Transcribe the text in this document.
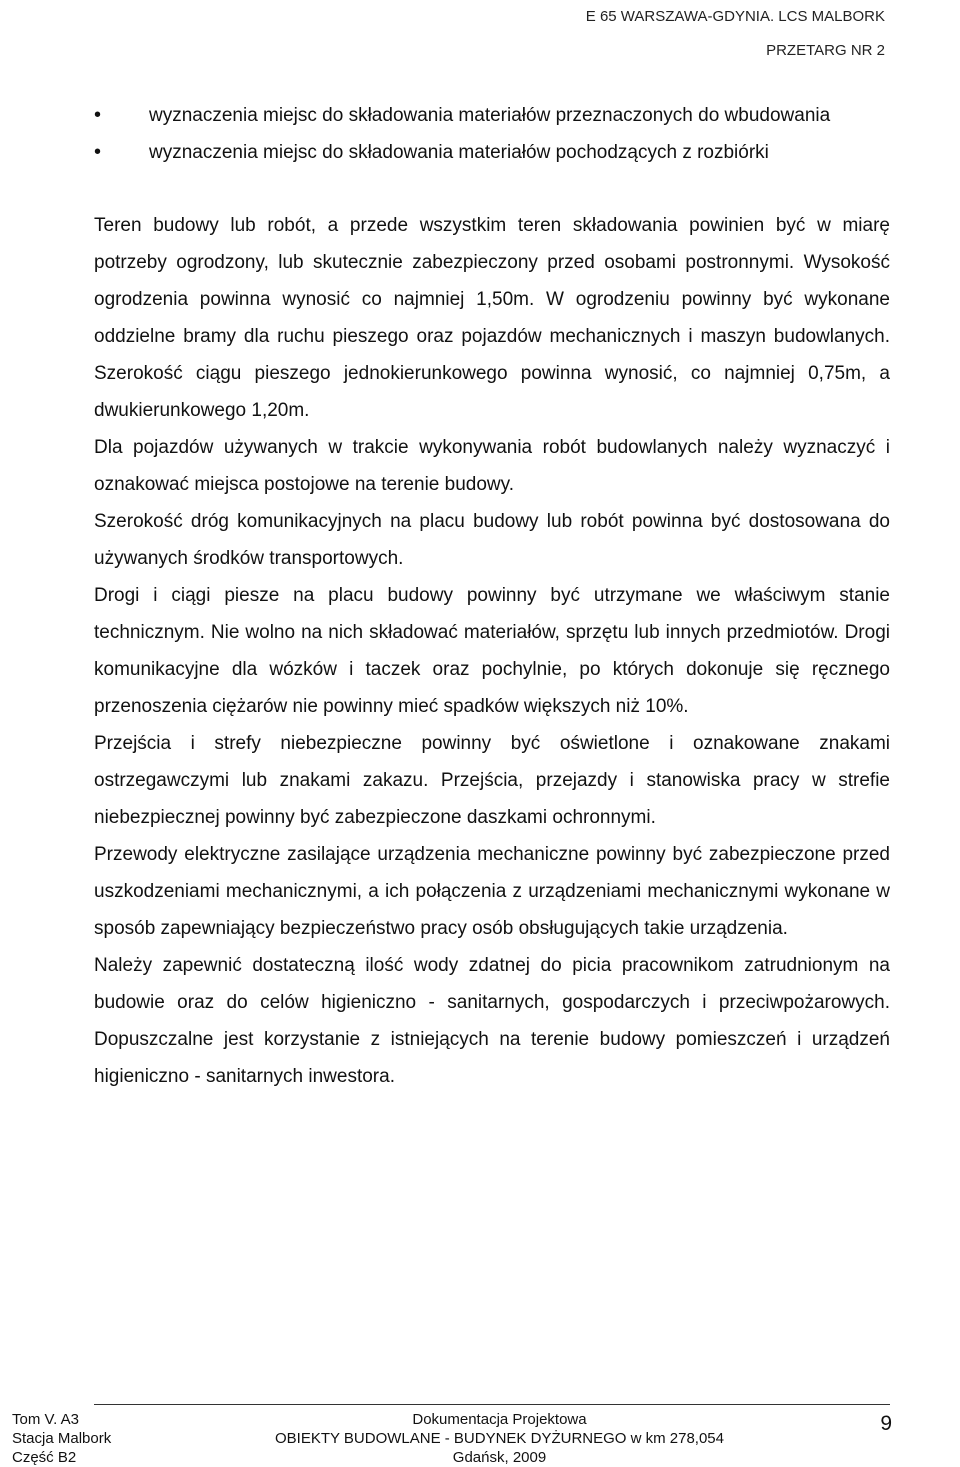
E 65 WARSZAWA-GDYNIA. LCS MALBORK
PRZETARG NR 2
• wyznaczenia miejsc do składowania materiałów przeznaczonych do wbudowania
• wyznaczenia miejsc do składowania materiałów pochodzących z rozbiórki

Teren budowy lub robót, a przede wszystkim teren składowania powinien być w miarę potrzeby ogrodzony, lub skutecznie zabezpieczony przed osobami postronnymi. Wysokość ogrodzenia powinna wynosić co najmniej 1,50m. W ogrodzeniu powinny być wykonane oddzielne bramy dla ruchu pieszego oraz pojazdów mechanicznych i maszyn budowlanych. Szerokość ciągu pieszego jednokierunkowego powinna wynosić, co najmniej 0,75m, a dwukierunkowego 1,20m.

Dla pojazdów używanych w trakcie wykonywania robót budowlanych należy wyznaczyć i oznakować miejsca postojowe na terenie budowy.

Szerokość dróg komunikacyjnych na placu budowy lub robót powinna być dostosowana do używanych środków transportowych.

Drogi i ciągi piesze na placu budowy powinny być utrzymane we właściwym stanie technicznym. Nie wolno na nich składować materiałów, sprzętu lub innych przedmiotów. Drogi komunikacyjne dla wózków i taczek oraz pochylnie, po których dokonuje się ręcznego przenoszenia ciężarów nie powinny mieć spadków większych niż 10%.

Przejścia i strefy niebezpieczne powinny być oświetlone i oznakowane znakami ostrzegawczymi lub znakami zakazu. Przejścia, przejazdy i stanowiska pracy w strefie niebezpiecznej powinny być zabezpieczone daszkami ochronnymi.

Przewody elektryczne zasilające urządzenia mechaniczne powinny być zabezpieczone przed uszkodzeniami mechanicznymi, a ich połączenia z urządzeniami mechanicznymi wykonane w sposób zapewniający bezpieczeństwo pracy osób obsługujących takie urządzenia.

Należy zapewnić dostateczną ilość wody zdatnej do picia pracownikom zatrudnionym na budowie oraz do celów higieniczno - sanitarnych, gospodarczych i przeciwpożarowych. Dopuszczalne jest korzystanie z istniejących na terenie budowy pomieszczeń i urządzeń higieniczno - sanitarnych inwestora.

Tom V. A3
Stacja Malbork
Część B2
Dokumentacja Projektowa
OBIEKTY BUDOWLANE - BUDYNEK DYŻURNEGO w km 278,054
Gdańsk, 2009
9
